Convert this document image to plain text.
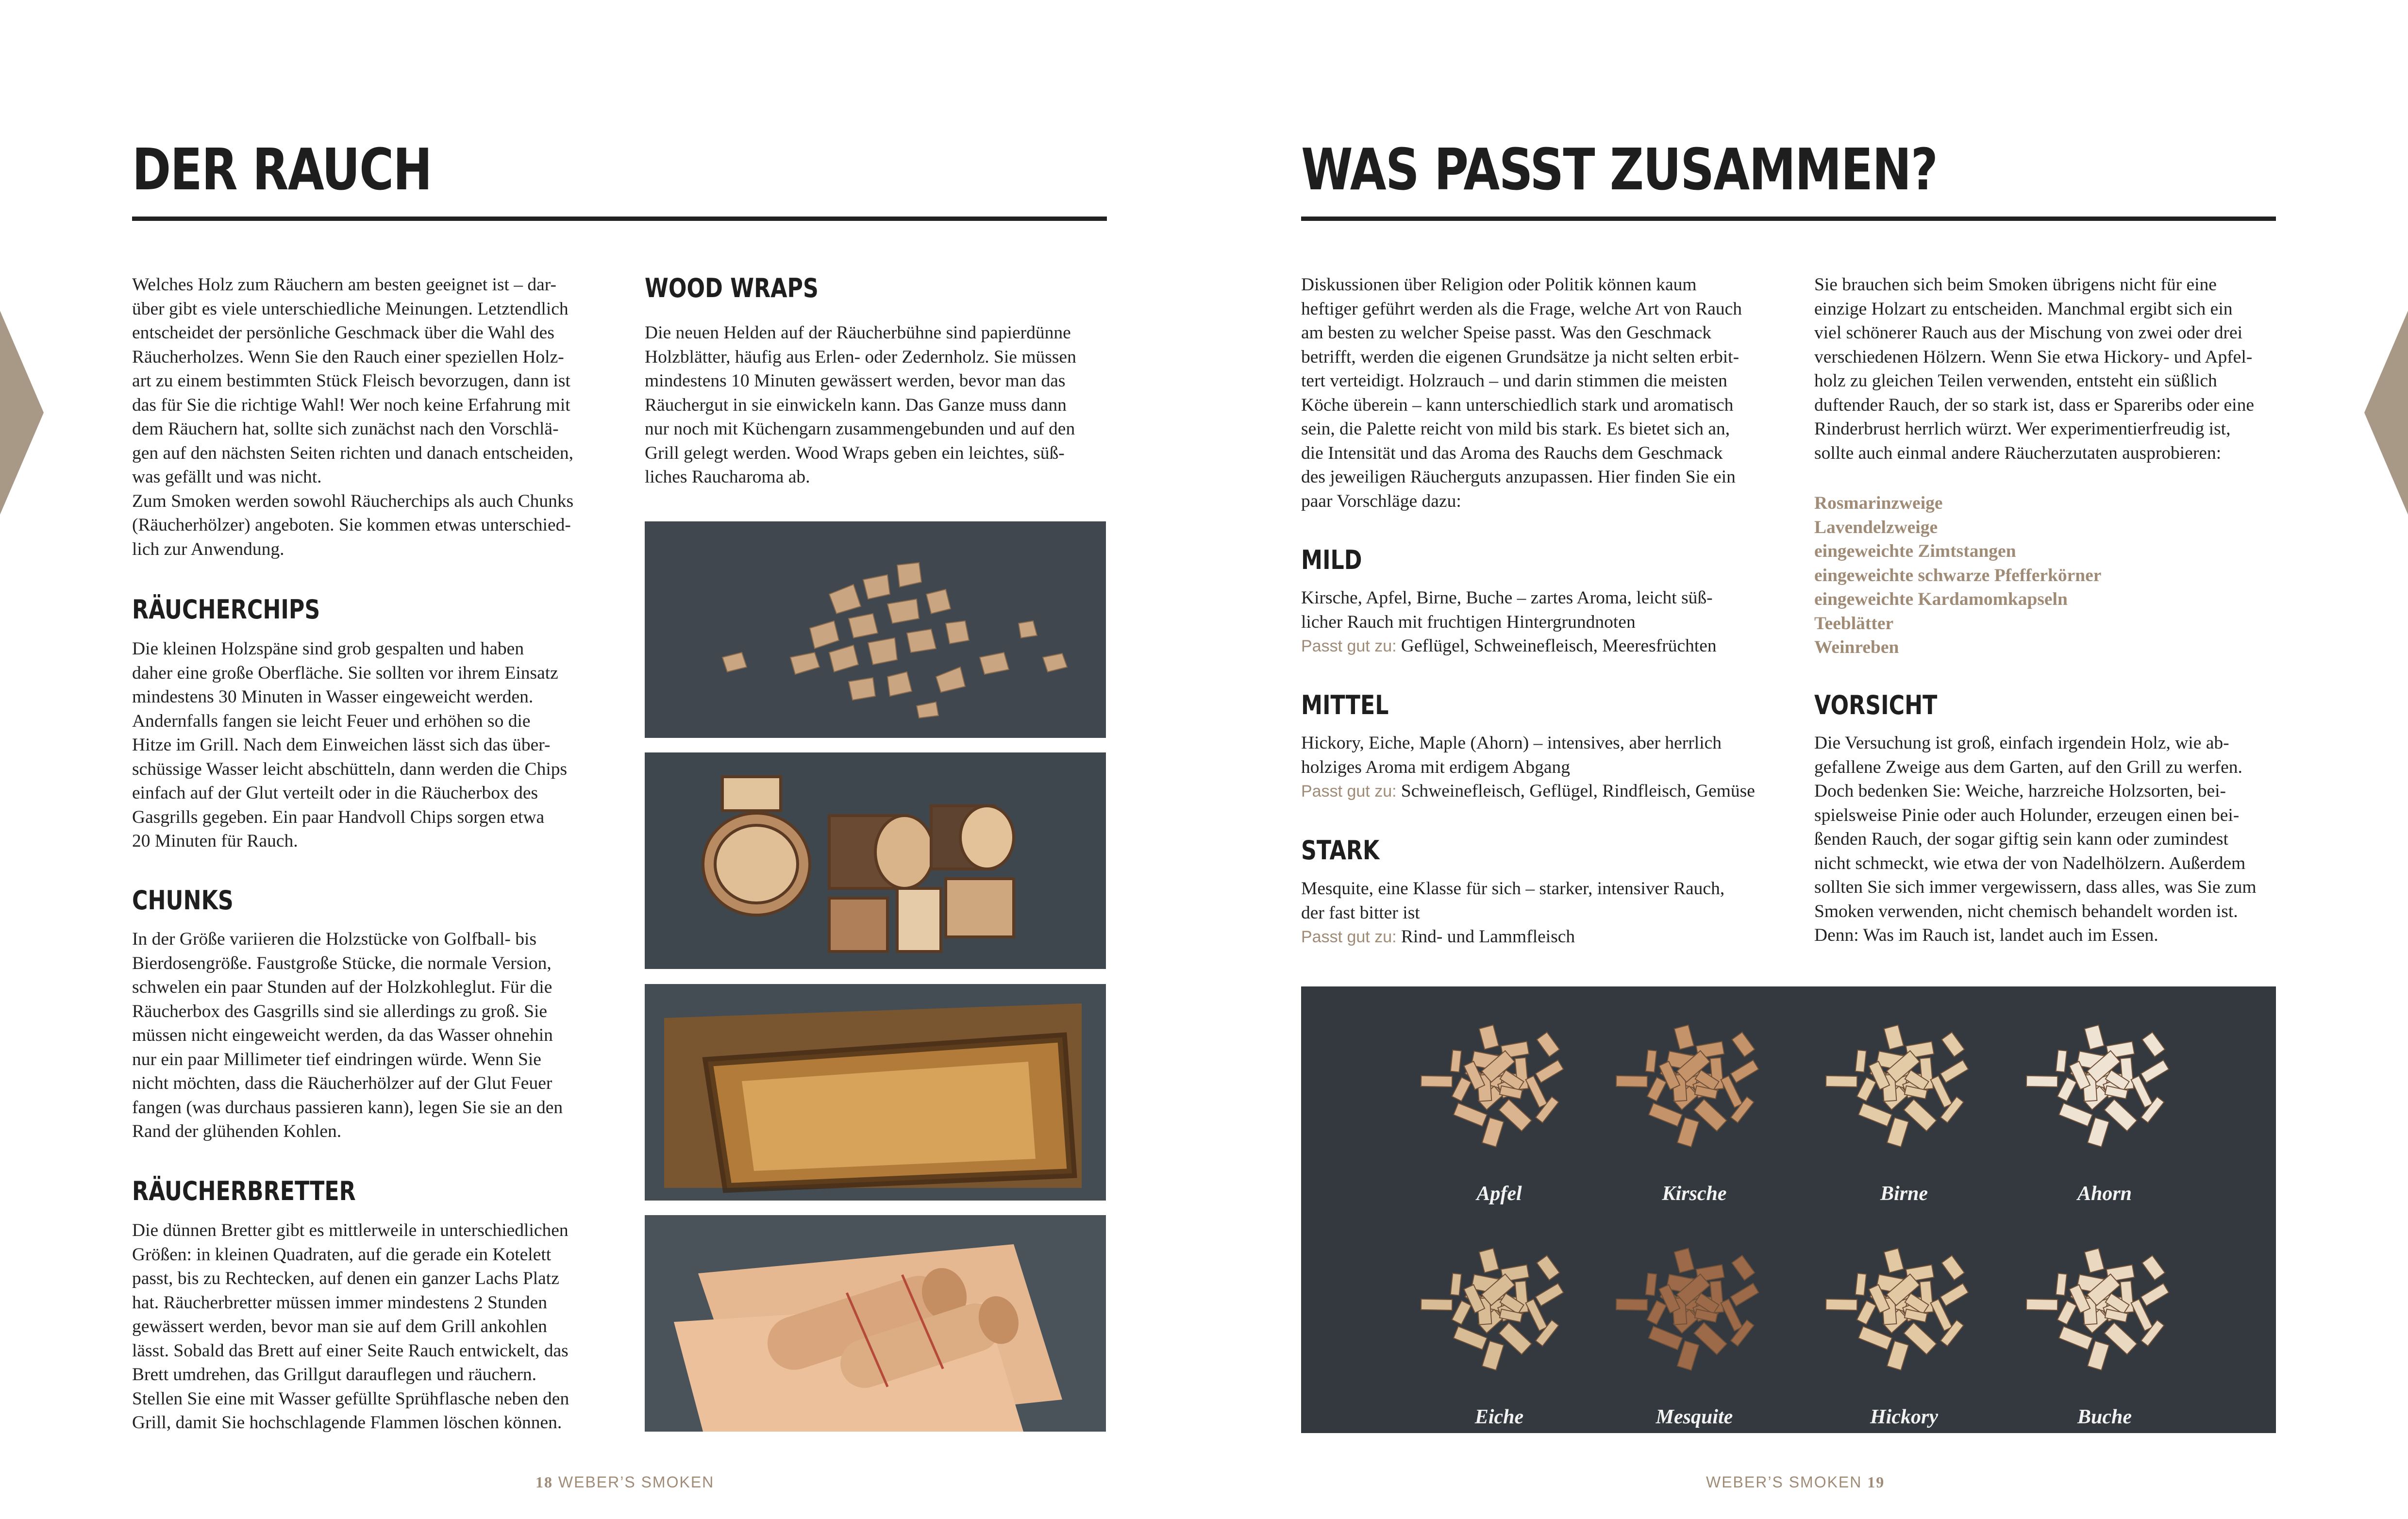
DER RAUCH

Welches Holz zum Räuchern am besten geeignet ist – dar-

über gibt es viele unterschiedliche Meinungen. Letztendlich

entscheidet der persönliche Geschmack über die Wahl des

Räucherholzes. Wenn Sie den Rauch einer speziellen Holz-

art zu einem bestimmten Stück Fleisch bevorzugen, dann ist

das für Sie die richtige Wahl! Wer noch keine Erfahrung mit

dem Räuchern hat, sollte sich zunächst nach den Vorschlä-

gen auf den nächsten Seiten richten und danach entscheiden,

was gefällt und was nicht.

Zum Smoken werden sowohl Räucherchips als auch Chunks

(Räucherhölzer) angeboten. Sie kommen etwas unterschied-

lich zur Anwendung.

RÄUCHERCHIPS

Die kleinen Holzspäne sind grob gespalten und haben

daher eine große Oberfläche. Sie sollten vor ihrem Einsatz

mindestens 30 Minuten in Wasser eingeweicht werden.

Andernfalls fangen sie leicht Feuer und erhöhen so die

Hitze im Grill. Nach dem Einweichen lässt sich das über-

schüssige Wasser leicht abschütteln, dann werden die Chips

einfach auf der Glut verteilt oder in die Räucherbox des

Gasgrills gegeben. Ein paar Handvoll Chips sorgen etwa

20 Minuten für Rauch.

CHUNKS

In der Größe variieren die Holzstücke von Golfball- bis

Bierdosengröße. Faustgroße Stücke, die normale Version,

schwelen ein paar Stunden auf der Holzkohleglut. Für die

Räucherbox des Gasgrills sind sie allerdings zu groß. Sie

müssen nicht eingeweicht werden, da das Wasser ohnehin

nur ein paar Millimeter tief eindringen würde. Wenn Sie

nicht möchten, dass die Räucherhölzer auf der Glut Feuer

fangen (was durchaus passieren kann), legen Sie sie an den

Rand der glühenden Kohlen.

RÄUCHERBRETTER

Die dünnen Bretter gibt es mittlerweile in unterschiedlichen

Größen: in kleinen Quadraten, auf die gerade ein Kotelett

passt, bis zu Rechtecken, auf denen ein ganzer Lachs Platz

hat. Räucherbretter müssen immer mindestens 2 Stunden

gewässert werden, bevor man sie auf dem Grill ankohlen

lässt. Sobald das Brett auf einer Seite Rauch entwickelt, das

Brett umdrehen, das Grillgut darauflegen und räuchern.

Stellen Sie eine mit Wasser gefüllte Sprühflasche neben den

Grill, damit Sie hochschlagende Flammen löschen können.

WOOD WRAPS

Die neuen Helden auf der Räucherbühne sind papierdünne

Holzblätter, häufig aus Erlen- oder Zedernholz. Sie müssen

mindestens 10 Minuten gewässert werden, bevor man das

Räuchergut in sie einwickeln kann. Das Ganze muss dann

nur noch mit Küchengarn zusammengebunden und auf den

Grill gelegt werden. Wood Wraps geben ein leichtes, süß-

liches Raucharoma ab.

18 WEBER’S SMOKEN
WAS PASST ZUSAMMEN?

Diskussionen über Religion oder Politik können kaum

heftiger geführt werden als die Frage, welche Art von Rauch

am besten zu welcher Speise passt. Was den Geschmack

betrifft, werden die eigenen Grundsätze ja nicht selten erbit-

tert verteidigt. Holzrauch – und darin stimmen die meisten

Köche überein – kann unterschiedlich stark und aromatisch

sein, die Palette reicht von mild bis stark. Es bietet sich an,

die Intensität und das Aroma des Rauchs dem Geschmack

des jeweiligen Räucherguts anzupassen. Hier finden Sie ein

paar Vorschläge dazu:

MILD

Kirsche, Apfel, Birne, Buche – zartes Aroma, leicht süß-

licher Rauch mit fruchtigen Hintergrundnoten

Passt gut zu: Geflügel, Schweinefleisch, Meeresfrüchten

MITTEL

Hickory, Eiche, Maple (Ahorn) – intensives, aber herrlich

holziges Aroma mit erdigem Abgang

Passt gut zu: Schweinefleisch, Geflügel, Rindfleisch, Gemüse

STARK

Mesquite, eine Klasse für sich – starker, intensiver Rauch,

der fast bitter ist

Passt gut zu: Rind- und Lammfleisch

Sie brauchen sich beim Smoken übrigens nicht für eine

einzige Holzart zu entscheiden. Manchmal ergibt sich ein

viel schönerer Rauch aus der Mischung von zwei oder drei

verschiedenen Hölzern. Wenn Sie etwa Hickory- und Apfel-

holz zu gleichen Teilen verwenden, entsteht ein süßlich

duftender Rauch, der so stark ist, dass er Spareribs oder eine

Rinderbrust herrlich würzt. Wer experimentierfreudig ist,

sollte auch einmal andere Räucherzutaten ausprobieren:

Rosmarinzweige

Lavendelzweige

eingeweichte Zimtstangen

eingeweichte schwarze Pfefferkörner

eingeweichte Kardamomkapseln

Teeblätter

Weinreben

VORSICHT

Die Versuchung ist groß, einfach irgendein Holz, wie ab-

gefallene Zweige aus dem Garten, auf den Grill zu werfen.

Doch bedenken Sie: Weiche, harzreiche Holzsorten, bei-

spielsweise Pinie oder auch Holunder, erzeugen einen bei-

ßenden Rauch, der sogar giftig sein kann oder zumindest

nicht schmeckt, wie etwa der von Nadelhölzern. Außerdem

sollten Sie sich immer vergewissern, dass alles, was Sie zum

Smoken verwenden, nicht chemisch behandelt worden ist.

Denn: Was im Rauch ist, landet auch im Essen.

Apfel	Kirsche	Birne	Ahorn
Eiche	Mesquite	Hickory	Buche
WEBER’S SMOKEN 19
